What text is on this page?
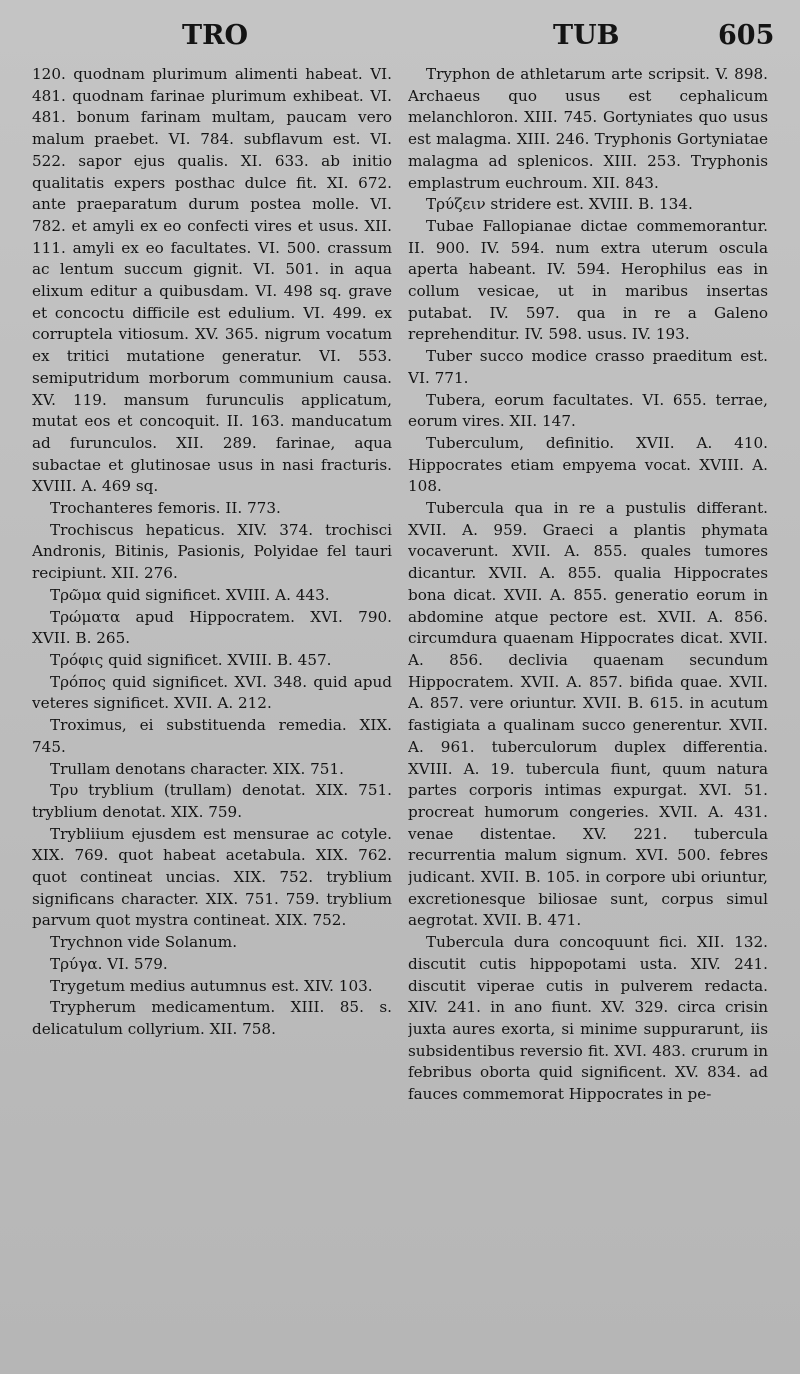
TRO	TUB	605

120. quodnam plurimum alimenti habeat. VI. 481. quodnam farinae plurimum exhibeat. VI. 481. bonum farinam multam, paucam vero malum praebet. VI. 784. subflavum est. VI. 522. sapor ejus qualis. XI. 633. ab initio qualitatis expers posthac dulce fit. XI. 672. ante praeparatum durum postea molle. VI. 782. et amyli ex eo confecti vires et usus. XII. 111. amyli ex eo facultates. VI. 500. crassum ac lentum succum gignit. VI. 501. in aqua elixum editur a quibusdam. VI. 498 sq. grave et concoctu difficile est edulium. VI. 499. ex corruptela vitiosum. XV. 365. nigrum vocatum ex tritici mutatione generatur. VI. 553. semiputridum morborum communium causa. XV. 119. mansum furunculis applicatum, mutat eos et concoquit. II. 163. manducatum ad furunculos. XII. 289. farinae, aqua subactae et glutinosae usus in nasi fracturis. XVIII. A. 469 sq.

Trochanteres femoris. II. 773.

Trochiscus hepaticus. XIV. 374. trochisci Andronis, Bitinis, Pasionis, Polyidae fel tauri recipiunt. XII. 276.

Τρῶμα quid significet. XVIII. A. 443.

Τρώματα apud Hippocratem. XVI. 790. XVII. B. 265.

Τρόφις quid significet. XVIII. B. 457.

Τρόπος quid significet. XVI. 348. quid apud veteres significet. XVII. A. 212.

Troximus, ei substituenda remedia. XIX. 745.

Trullam denotans character. XIX. 751.

Τρυ tryblium (trullam) denotat. XIX. 751. tryblium denotat. XIX. 759.

Trybliium ejusdem est mensurae ac cotyle. XIX. 769. quot habeat acetabula. XIX. 762. quot contineat uncias. XIX. 752. tryblium significans character. XIX. 751. 759. tryblium parvum quot mystra contineat. XIX. 752.

Trychnon vide Solanum.

Τρύγα. VI. 579.

Trygetum medius autumnus est. XIV. 103.

Trypherum medicamentum. XIII. 85. s. delicatulum collyrium. XII. 758.

Tryphon de athletarum arte scripsit. V. 898. Archaeus quo usus est cephalicum melanchloron. XIII. 745. Gortyniates quo usus est malagma. XIII. 246. Tryphonis Gortyniatae malagma ad splenicos. XIII. 253. Tryphonis emplastrum euchroum. XII. 843.

Τρύζειν stridere est. XVIII. B. 134.

Tubae Fallopianae dictae commemorantur. II. 900. IV. 594. num extra uterum oscula aperta habeant. IV. 594. Herophilus eas in collum vesicae, ut in maribus insertas putabat. IV. 597. qua in re a Galeno reprehenditur. IV. 598. usus. IV. 193.

Tuber succo modice crasso praeditum est. VI. 771.

Tubera, eorum facultates. VI. 655. terrae, eorum vires. XII. 147.

Tuberculum, definitio. XVII. A. 410. Hippocrates etiam empyema vocat. XVIII. A. 108.

Tubercula qua in re a pustulis differant. XVII. A. 959. Graeci a plantis phymata vocaverunt. XVII. A. 855. quales tumores dicantur. XVII. A. 855. qualia Hippocrates bona dicat. XVII. A. 855. generatio eorum in abdomine atque pectore est. XVII. A. 856. circumdura quaenam Hippocrates dicat. XVII. A. 856. declivia quaenam secundum Hippocratem. XVII. A. 857. bifida quae. XVII. A. 857. vere oriuntur. XVII. B. 615. in acutum fastigiata a qualinam succo generentur. XVII. A. 961. tuberculorum duplex differentia. XVIII. A. 19. tubercula fiunt, quum natura partes corporis intimas expurgat. XVI. 51. procreat humorum congeries. XVII. A. 431. venae distentae. XV. 221. tubercula recurrentia malum signum. XVI. 500. febres judicant. XVII. B. 105. in corpore ubi oriuntur, excretionesque biliosae sunt, corpus simul aegrotat. XVII. B. 471.

Tubercula dura concoquunt fici. XII. 132. discutit cutis hippopotami usta. XIV. 241. discutit viperae cutis in pulverem redacta. XIV. 241. in ano fiunt. XV. 329. circa crisin juxta aures exorta, si minime suppurarunt, iis subsidentibus reversio fit. XVI. 483. crurum in febribus oborta quid significent. XV. 834. ad fauces commemorat Hippocrates in pe-
